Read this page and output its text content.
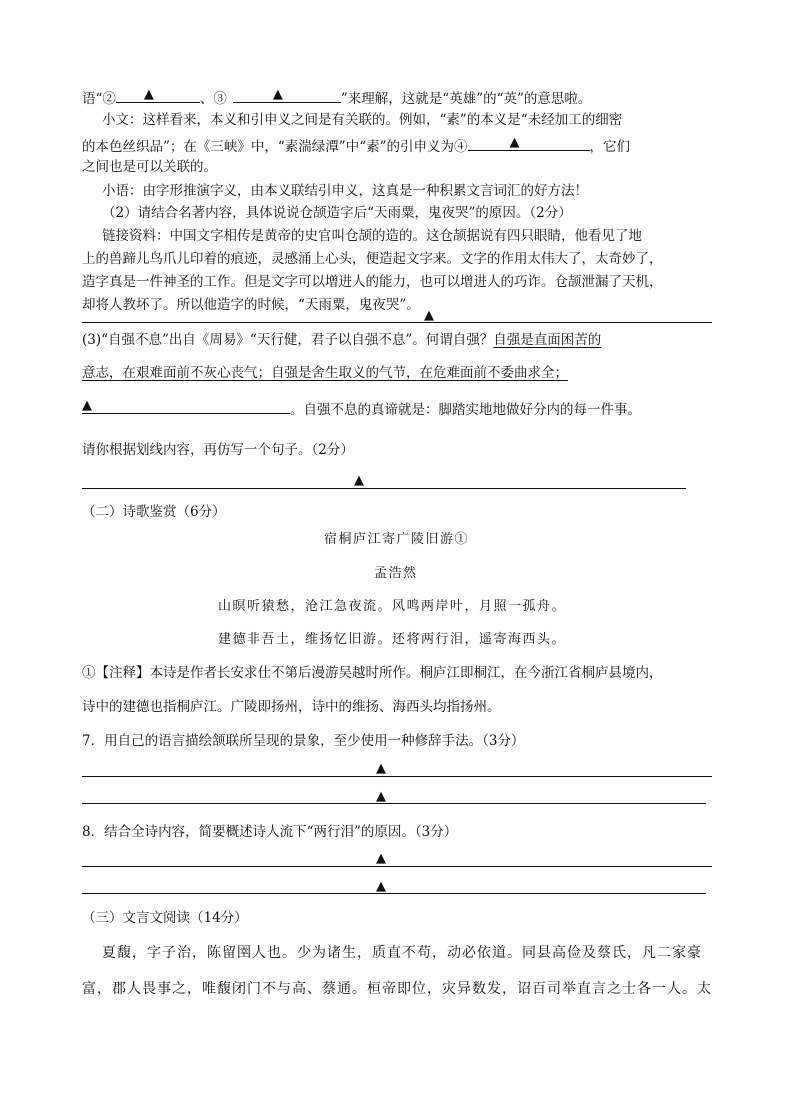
语“② ▲	、③	▲	”来理解，这就是“英雄”的“英”的意思啦。
小文：这样看来，本义和引申义之间是有关联的。例如，“素”的本义是“未经加工的细密
的本色丝织品”；在《三峡》中，“素湍绿潭”中“素”的引申义为④	▲	，它们
之间也是可以关联的。
小语：由字形推演字义，由本义联结引申义，这真是一种积累文言词汇的好方法！
（2）请结合名著内容，具体说说仓颉造字后“天雨粟，鬼夜哭”的原因。（2分）
链接资料：中国文字相传是黄帝的史官叫仓颉的造的。这仓颉据说有四只眼睛，他看见了地
上的兽蹄儿鸟爪儿印着的痕迹，灵感涌上心头，便造起文字来。文字的作用太伟大了，太奇妙了，
造字真是一件神圣的工作。但是文字可以增进人的能力，也可以增进人的巧诈。仓颉泄漏了天机，
却将人教坏了。所以他造字的时候，“天雨粟，鬼夜哭”。
▲
(3)“自强不息”出自《周易》“天行健，君子以自强不息”。何谓自强？自强是直面困苦的
意志，在艰难面前不灰心丧气；自强是舍生取义的气节，在危难面前不委曲求全；
▲	。自强不息的真谛就是：脚踏实地地做好分内的每一件事。
请你根据划线内容，再仿写一个句子。（2分）
▲
（二）诗歌鉴赏（6分）
宿桐庐江寄广陵旧游①
孟浩然
山暝听猿愁，沧江急夜流。风鸣两岸叶，月照一孤舟。
建德非吾土，维扬忆旧游。还将两行泪，遥寄海西头。
①【注释】本诗是作者长安求仕不第后漫游吴越时所作。桐庐江即桐江，在今浙江省桐庐县境内，
诗中的建德也指桐庐江。广陵即扬州，诗中的维扬、海西头均指扬州。
7．用自己的语言描绘颔联所呈现的景象，至少使用一种修辞手法。（3分）
▲
▲
8．结合全诗内容，简要概述诗人流下“两行泪”的原因。（3分）
▲
▲
（三）文言文阅读（14分）
夏馥，字子治，陈留圉人也。少为诸生，质直不苟，动必依道。同县高俭及蔡氏，凡二家豪
富，郡人畏事之，唯馥闭门不与高、蔡通。桓帝即位，灾异数发，诏百司举直言之士各一人。太
